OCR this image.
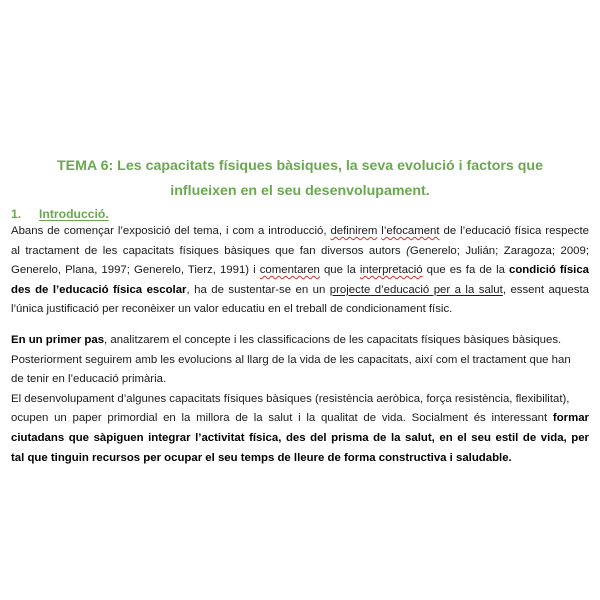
TEMA 6: Les capacitats físiques bàsiques, la seva evolució i factors que
influeixen en el seu desenvolupament.
1. Introducció.
Abans de començar l’exposició del tema, i com a introducció, definirem l’efocament de l’educació física respecte
al tractament de les capacitats físiques bàsiques que fan diversos autors (Generelo; Julián; Zaragoza; 2009;
Generelo, Plana, 1997; Generelo, Tierz, 1991) i comentaren que la interpretació que es fa de la condició física
des de l’educació física escolar, ha de sustentar-se en un projecte d’educació per a la salut, essent aquesta
l’única justificació per reconèixer un valor educatiu en el treball de condicionament físic.
En un primer pas, analitzarem el concepte i les classificacions de les capacitats físiques bàsiques bàsiques.
Posteriorment seguirem amb les evolucions al llarg de la vida de les capacitats, així com el tractament que han
de tenir en l’educació primària.
El desenvolupament d’algunes capacitats físiques bàsiques (resistència aeròbica, força resistència, flexibilitat),
ocupen un paper primordial en la millora de la salut i la qualitat de vida. Socialment és interessant formar
ciutadans que sàpiguen integrar l’activitat física, des del prisma de la salut, en el seu estil de vida, per
tal que tinguin recursos per ocupar el seu temps de lleure de forma constructiva i saludable.
